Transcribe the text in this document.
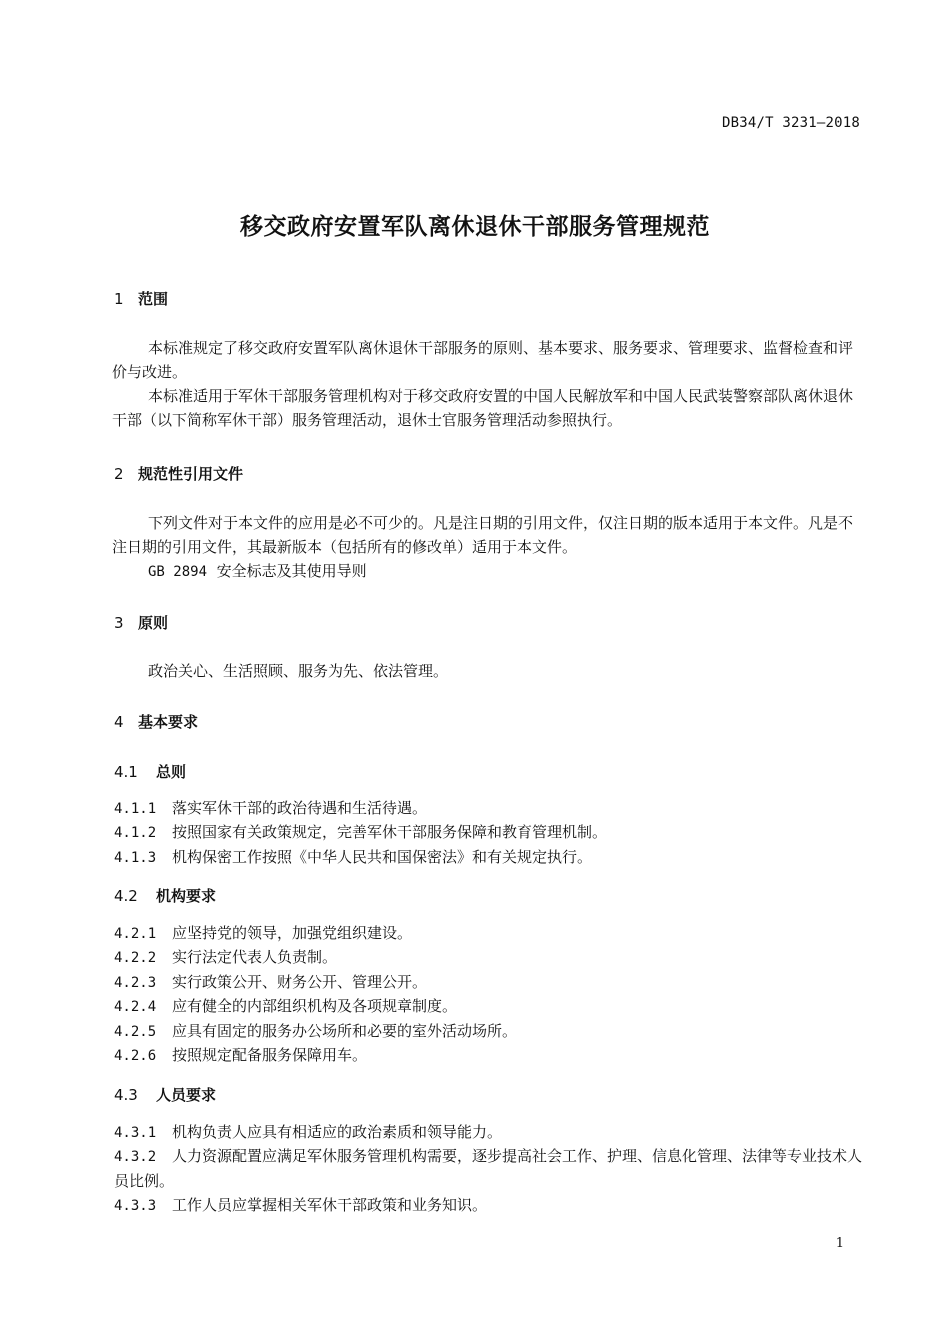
DB34/T 3231—2018
移交政府安置军队离休退休干部服务管理规范
1 范围
本标准规定了移交政府安置军队离休退休干部服务的原则、基本要求、服务要求、管理要求、监督检查和评价与改进。
本标准适用于军休干部服务管理机构对于移交政府安置的中国人民解放军和中国人民武装警察部队离休退休干部（以下简称军休干部）服务管理活动，退休士官服务管理活动参照执行。
2 规范性引用文件
下列文件对于本文件的应用是必不可少的。凡是注日期的引用文件，仅注日期的版本适用于本文件。凡是不注日期的引用文件，其最新版本（包括所有的修改单）适用于本文件。
GB 2894 安全标志及其使用导则
3 原则
政治关心、生活照顾、服务为先、依法管理。
4 基本要求
4.1 总则
4.1.1 落实军休干部的政治待遇和生活待遇。
4.1.2 按照国家有关政策规定，完善军休干部服务保障和教育管理机制。
4.1.3 机构保密工作按照《中华人民共和国保密法》和有关规定执行。
4.2 机构要求
4.2.1 应坚持党的领导，加强党组织建设。
4.2.2 实行法定代表人负责制。
4.2.3 实行政策公开、财务公开、管理公开。
4.2.4 应有健全的内部组织机构及各项规章制度。
4.2.5 应具有固定的服务办公场所和必要的室外活动场所。
4.2.6 按照规定配备服务保障用车。
4.3 人员要求
4.3.1 机构负责人应具有相适应的政治素质和领导能力。
4.3.2 人力资源配置应满足军休服务管理机构需要，逐步提高社会工作、护理、信息化管理、法律等专业技术人员比例。
4.3.3 工作人员应掌握相关军休干部政策和业务知识。
1
